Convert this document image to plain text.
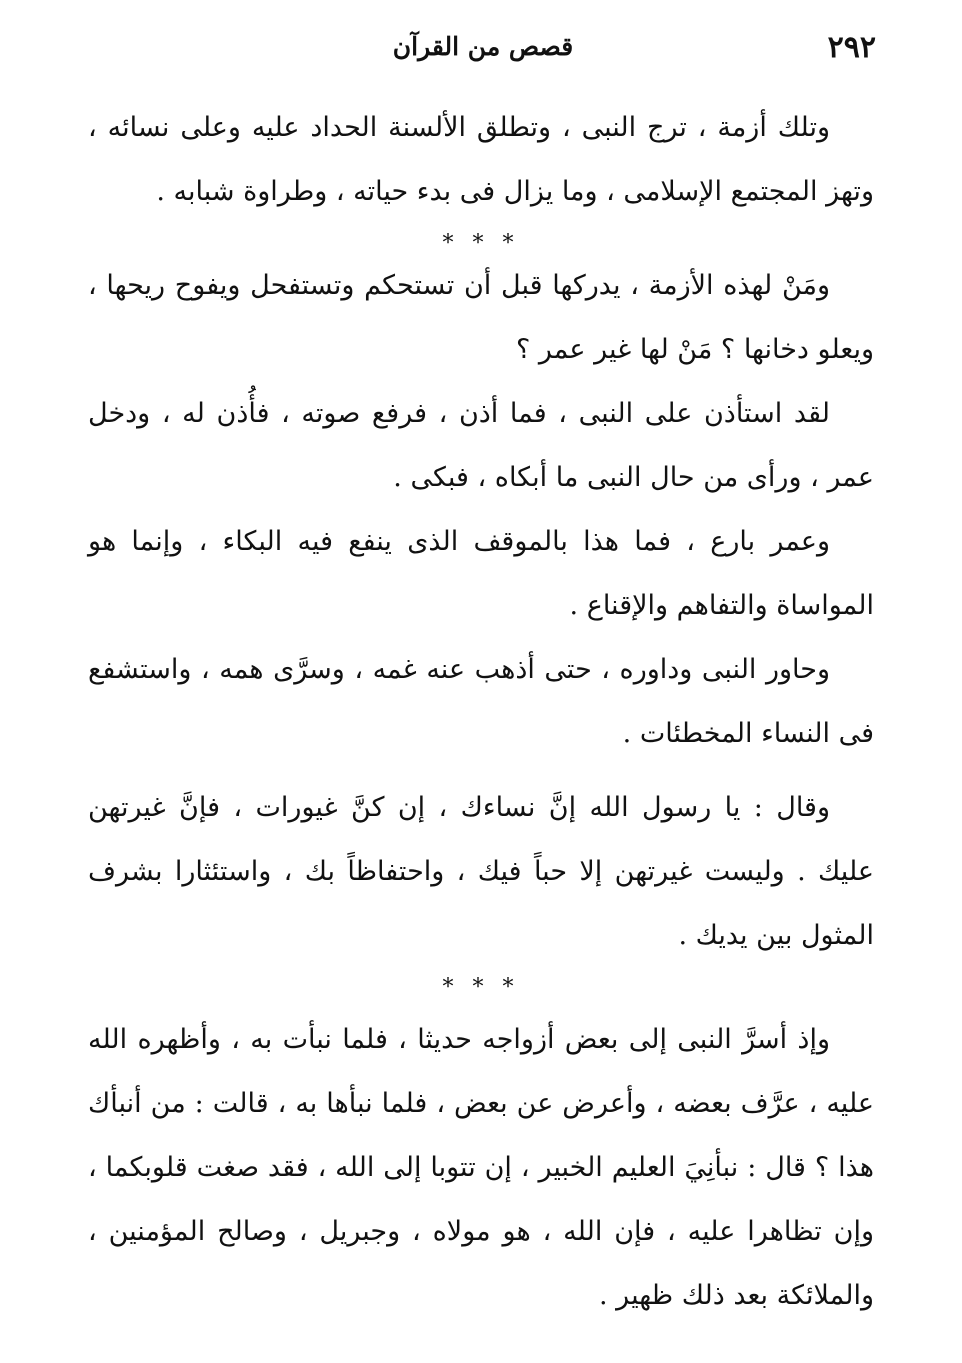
٢٩٢
قصص من القرآن

وتلك أزمة ، ترج النبى ، وتطلق الألسنة الحداد عليه وعلى نسائه ، وتهز المجتمع الإسلامى ، وما يزال فى بدء حياته ، وطراوة شبابه .

* * *

ومَنْ لهذه الأزمة ، يدركها قبل أن تستحكم وتستفحل ويفوح ريحها ، ويعلو دخانها ؟ مَنْ لها غير عمر ؟

لقد استأذن على النبى ، فما أذن ، فرفع صوته ، فأُذن له ، ودخل عمر ، ورأى من حال النبى ما أبكاه ، فبكى .

وعمر بارع ، فما هذا بالموقف الذى ينفع فيه البكاء ، وإنما هو المواساة والتفاهم والإقناع .

وحاور النبى وداوره ، حتى أذهب عنه غمه ، وسرَّى همه ، واستشفع فى النساء المخطئات .

وقال : يا رسول الله إنَّ نساءك ، إن كنَّ غيورات ، فإنَّ غيرتهن عليك . وليست غيرتهن إلا حباً فيك ، واحتفاظاً بك ، واستئثارا بشرف المثول بين يديك .

* * *

وإذ أسرَّ النبى إلى بعض أزواجه حديثا ، فلما نبأت به ، وأظهره الله عليه ، عرَّف بعضه ، وأعرض عن بعض ، فلما نبأها به ، قالت : من أنبأك هذا ؟ قال : نبأنِيَ العليم الخبير ، إن تتوبا إلى الله ، فقد صغت قلوبكما ، وإن تظاهرا عليه ، فإن الله ، هو مولاه ، وجبريل ، وصالح المؤمنين ، والملائكة بعد ذلك ظهير .
